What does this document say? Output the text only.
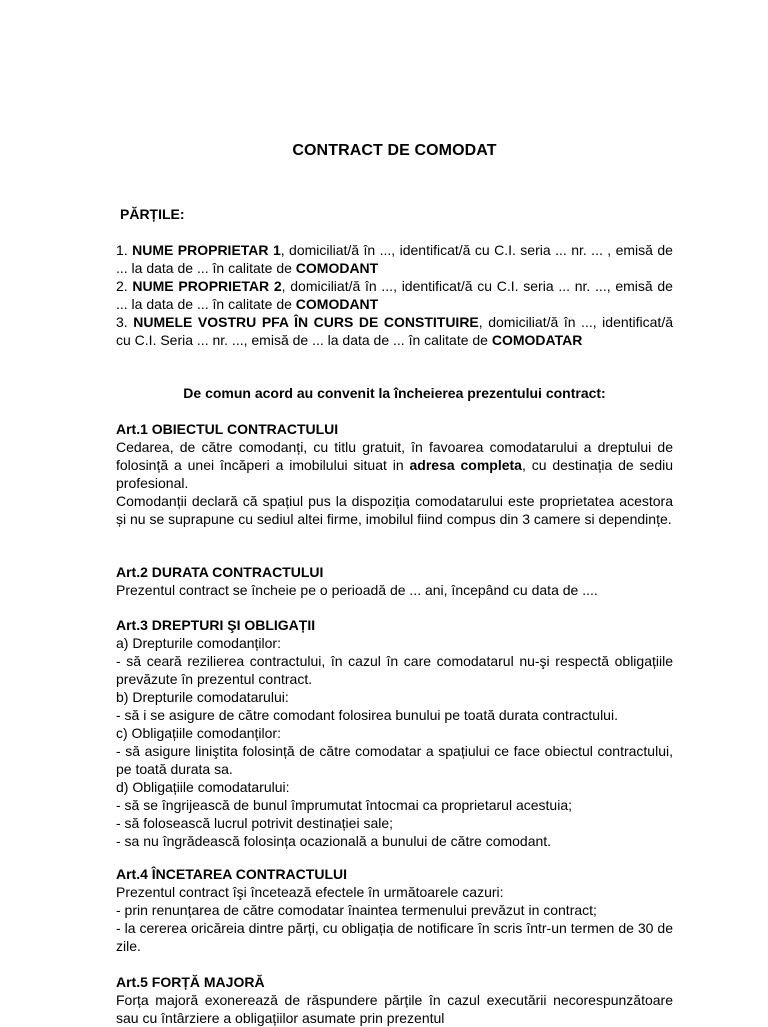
CONTRACT DE COMODAT
PĂRȚILE:

1. NUME PROPRIETAR 1, domiciliat/ă în ..., identificat/ă cu C.I. seria ... nr. ... , emisă de ... la data de ... în calitate de COMODANT

2. NUME PROPRIETAR 2, domiciliat/ă în ..., identificat/ă cu C.I. seria ... nr. ..., emisă de ... la data de ... în calitate de COMODANT

3. NUMELE VOSTRU PFA ÎN CURS DE CONSTITUIRE, domiciliat/ă în ..., identificat/ă cu C.I. Seria ... nr. ..., emisă de ... la data de ... în calitate de COMODATAR

De comun acord au convenit la încheierea prezentului contract:

Art.1 OBIECTUL CONTRACTULUI

Cedarea, de către comodanți, cu titlu gratuit, în favoarea comodatarului a dreptului de folosință a unei încăperi a imobilului situat in adresa completa, cu destinația de sediu profesional.

Comodanții declară că spațiul pus la dispoziția comodatarului este proprietatea acestora și nu se suprapune cu sediul altei firme, imobilul fiind compus din 3 camere si dependințe.

Art.2 DURATA CONTRACTULUI

Prezentul contract se încheie pe o perioadă de ... ani, începând cu data de ....

Art.3 DREPTURI ŞI OBLIGAȚII

a) Drepturile comodanților:

- să ceară rezilierea contractului, în cazul în care comodatarul nu-şi respectă obligațiile prevăzute în prezentul contract.

b) Drepturile comodatarului:

- să i se asigure de către comodant folosirea bunului pe toată durata contractului.

c) Obligațiile comodanților:

- să asigure liniştita folosință de către comodatar a spațiului ce face obiectul contractului, pe toată durata sa.

d) Obligațiile comodatarului:

- să se îngrijească de bunul împrumutat întocmai ca proprietarul acestuia;

- să folosească lucrul potrivit destinației sale;

- sa nu îngrădească folosința ocazională a bunului de către comodant.

Art.4 ÎNCETAREA CONTRACTULUI

Prezentul contract îşi încetează efectele în următoarele cazuri:

- prin renunțarea de către comodatar înaintea termenului prevăzut in contract;

- la cererea oricăreia dintre părți, cu obligația de notificare în scris într-un termen de 30 de zile.

Art.5 FORȚĂ MAJORĂ

Forța majoră exonerează de răspundere părțile în cazul executării necorespunzătoare sau cu întârziere a obligațiilor asumate prin prezentul
